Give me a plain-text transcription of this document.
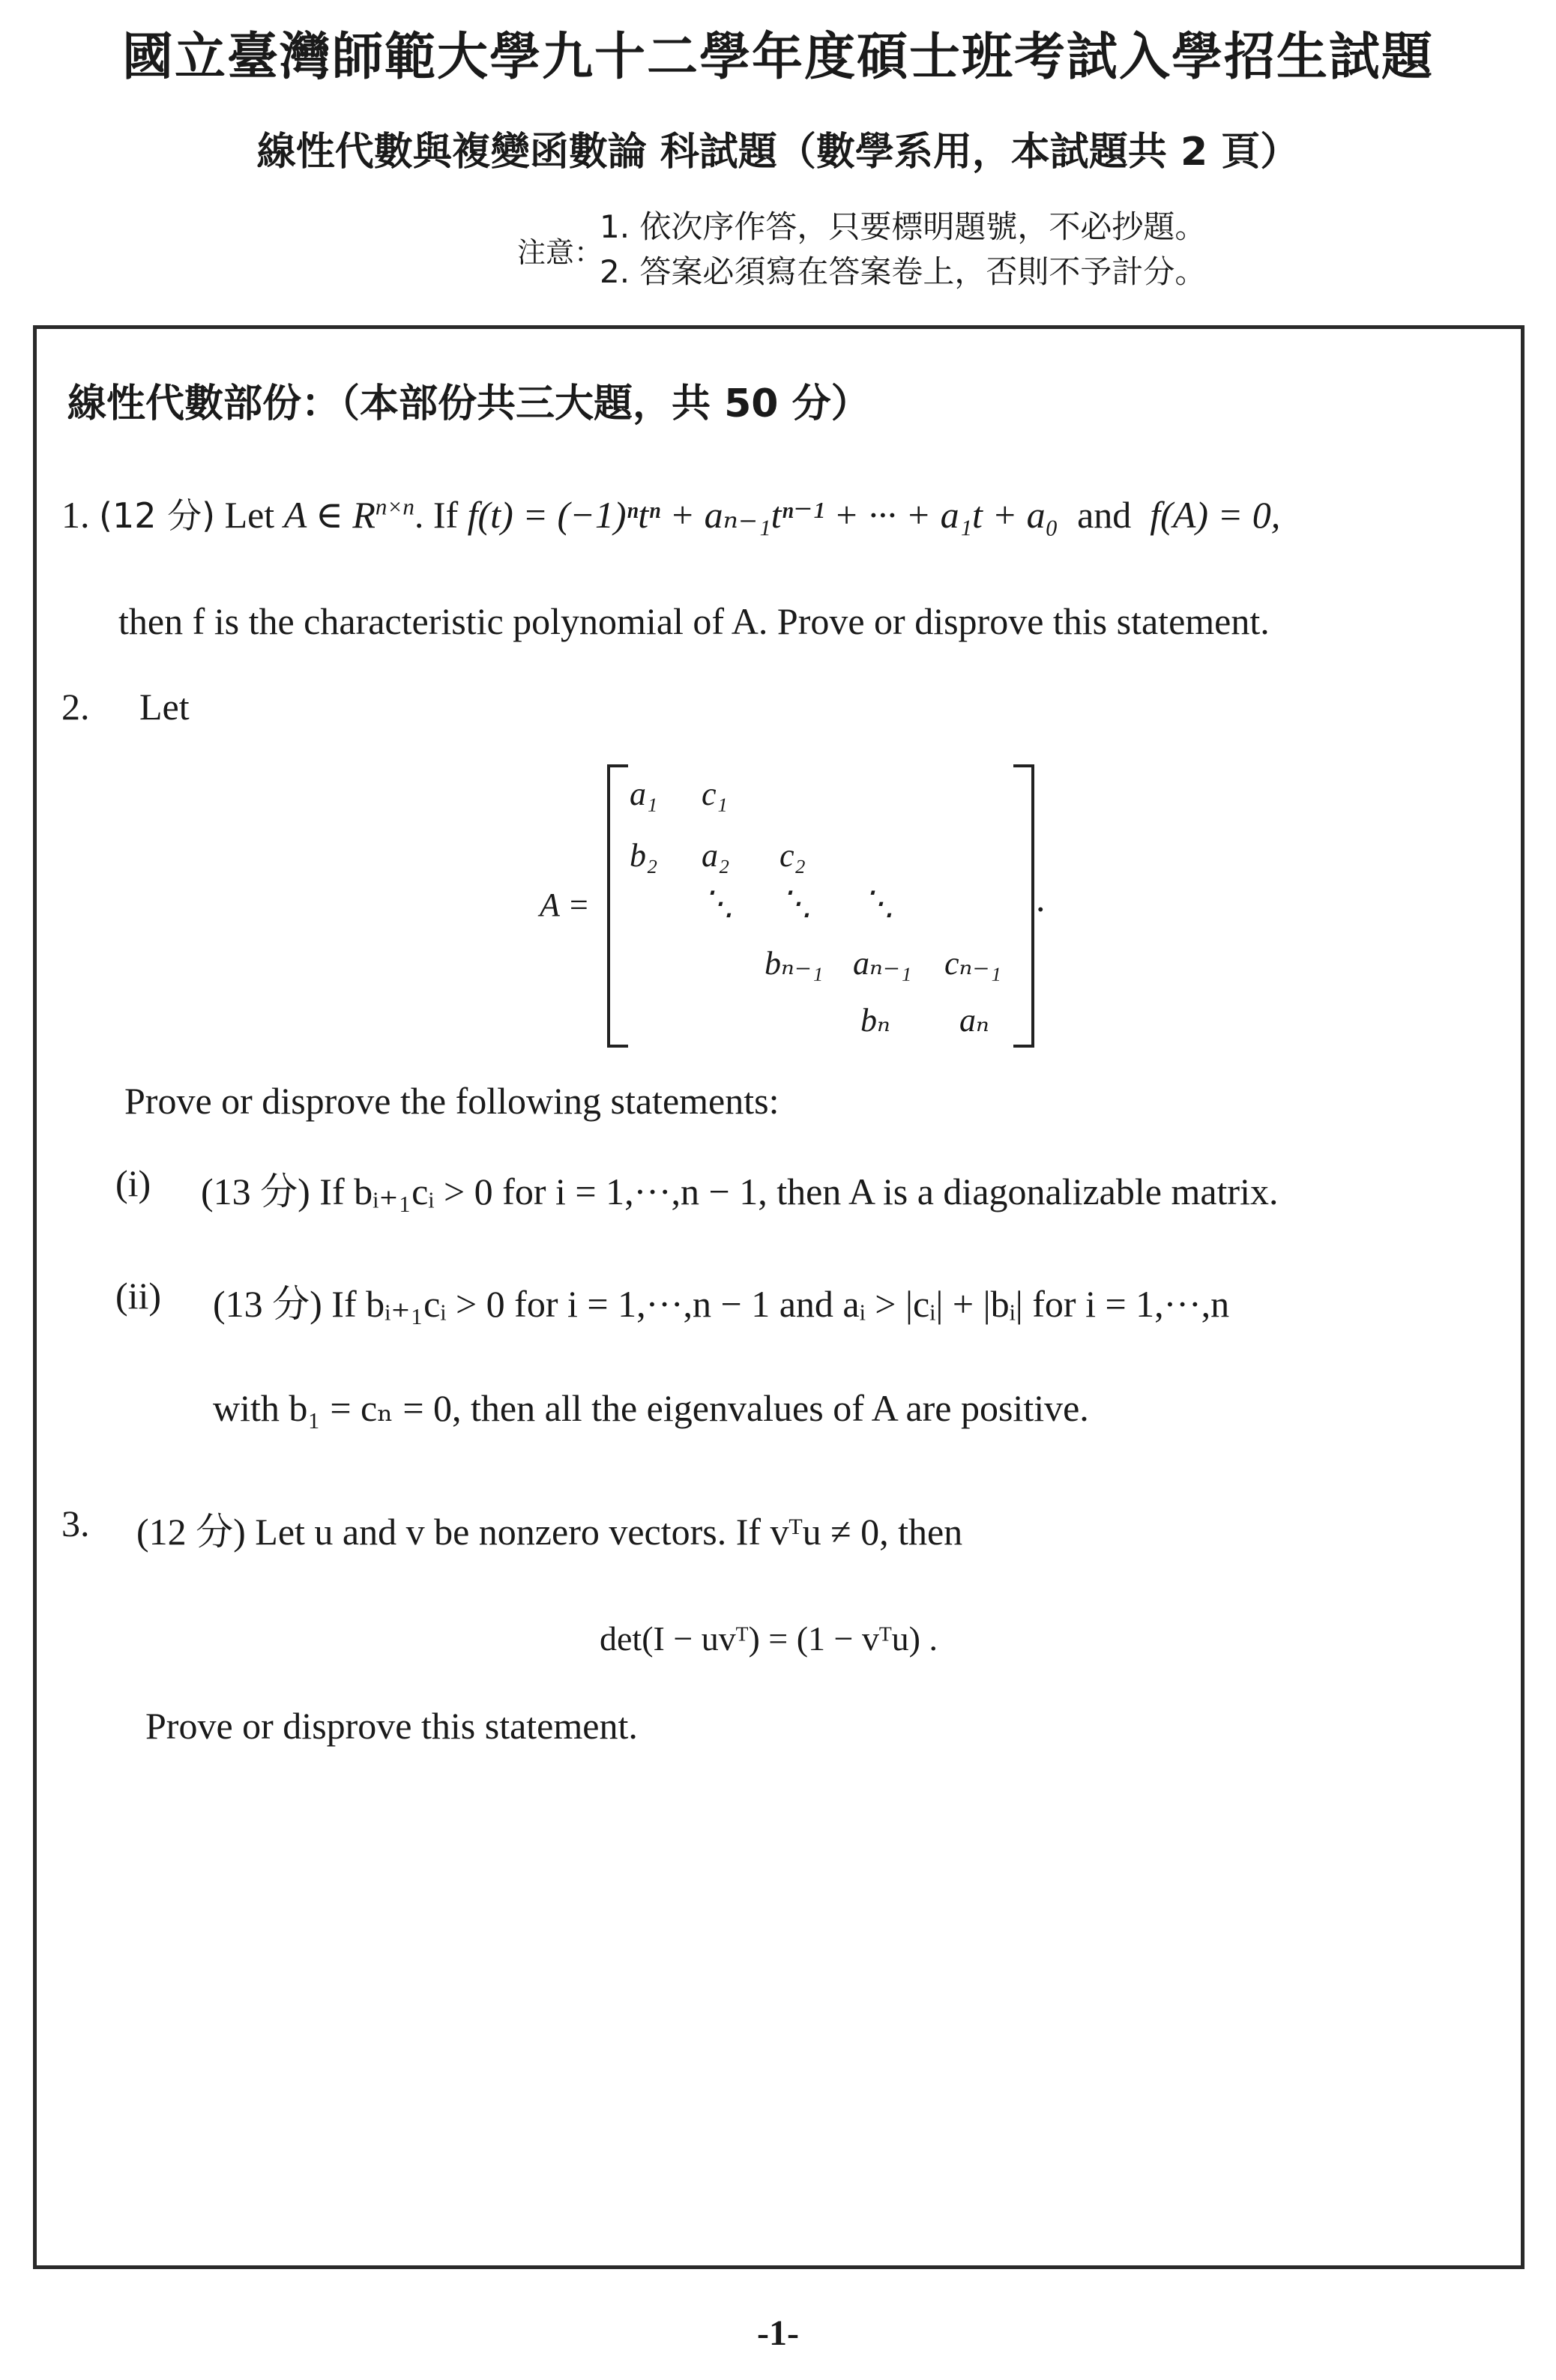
國立臺灣師範大學九十二學年度碩士班考試入學招生試題
線性代數與複變函數論 科試題（數學系用，本試題共 2 頁）
注意：
1. 依次序作答，只要標明題號，不必抄題。
2. 答案必須寫在答案卷上，否則不予計分。
線性代數部份：（本部份共三大題，共 50 分）
1. (12 分) Let A ∈ $R^{n\times n}$. If f(t) = (−1)ⁿtⁿ + aₙ₋₁tⁿ⁻¹ + ··· + a₁t + a₀ and f(A) = 0,
then f is the characteristic polynomial of A. Prove or disprove this statement.
2. Let
A =
a₁ c₁
b₂ a₂ c₂
⋱ ⋱ ⋱
bₙ₋₁ aₙ₋₁ cₙ₋₁
bₙ aₙ
.
Prove or disprove the following statements:
(i) (13 分) If bᵢ₊₁cᵢ > 0 for i = 1,···,n − 1, then A is a diagonalizable matrix.
(ii) (13 分) If bᵢ₊₁cᵢ > 0 for i = 1,···,n − 1 and aᵢ > |cᵢ| + |bᵢ| for i = 1,···,n
with b₁ = cₙ = 0, then all the eigenvalues of A are positive.
3. (12 分) Let u and v be nonzero vectors. If vᵀu ≠ 0, then
det(I − uvᵀ) = (1 − vᵀu) .
Prove or disprove this statement.
-1-
